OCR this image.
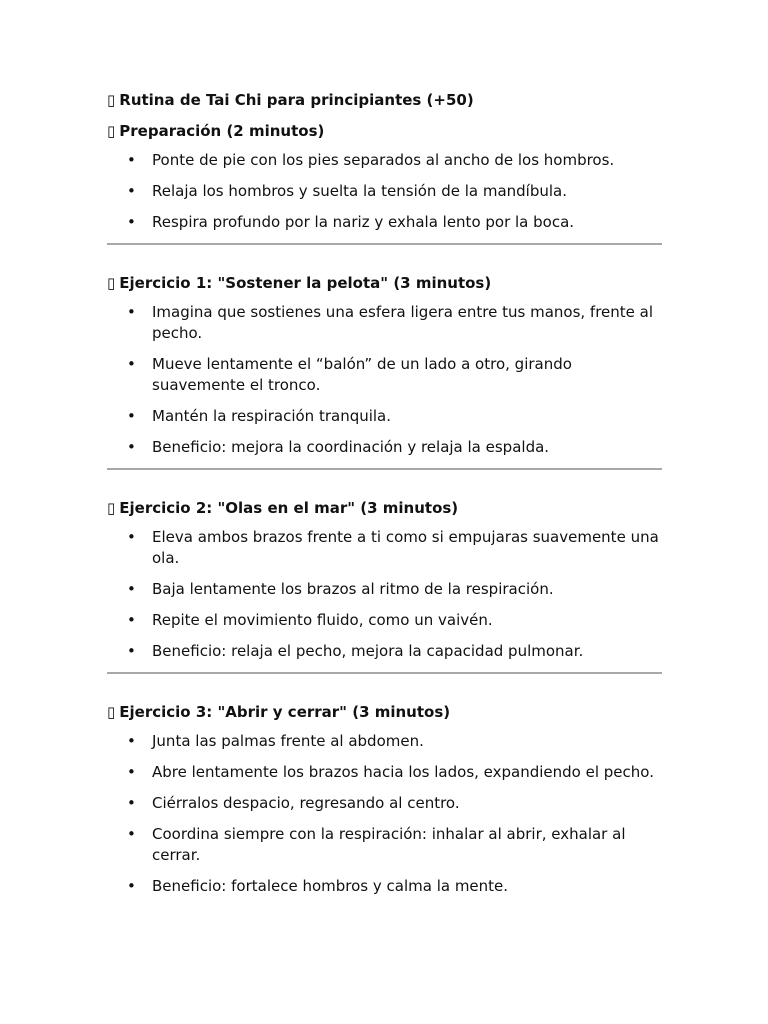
▯ Rutina de Tai Chi para principiantes (+50)

▯ Preparación (2 minutos)

• Ponte de pie con los pies separados al ancho de los hombros.
• Relaja los hombros y suelta la tensión de la mandíbula.
• Respira profundo por la nariz y exhala lento por la boca.

▯ Ejercicio 1: "Sostener la pelota" (3 minutos)

• Imagina que sostienes una esfera ligera entre tus manos, frente al pecho.
• Mueve lentamente el “balón” de un lado a otro, girando suavemente el tronco.
• Mantén la respiración tranquila.
• Beneficio: mejora la coordinación y relaja la espalda.

▯ Ejercicio 2: "Olas en el mar" (3 minutos)

• Eleva ambos brazos frente a ti como si empujaras suavemente una ola.
• Baja lentamente los brazos al ritmo de la respiración.
• Repite el movimiento fluido, como un vaivén.
• Beneficio: relaja el pecho, mejora la capacidad pulmonar.

▯ Ejercicio 3: "Abrir y cerrar" (3 minutos)

• Junta las palmas frente al abdomen.
• Abre lentamente los brazos hacia los lados, expandiendo el pecho.
• Ciérralos despacio, regresando al centro.
• Coordina siempre con la respiración: inhalar al abrir, exhalar al cerrar.
• Beneficio: fortalece hombros y calma la mente.
